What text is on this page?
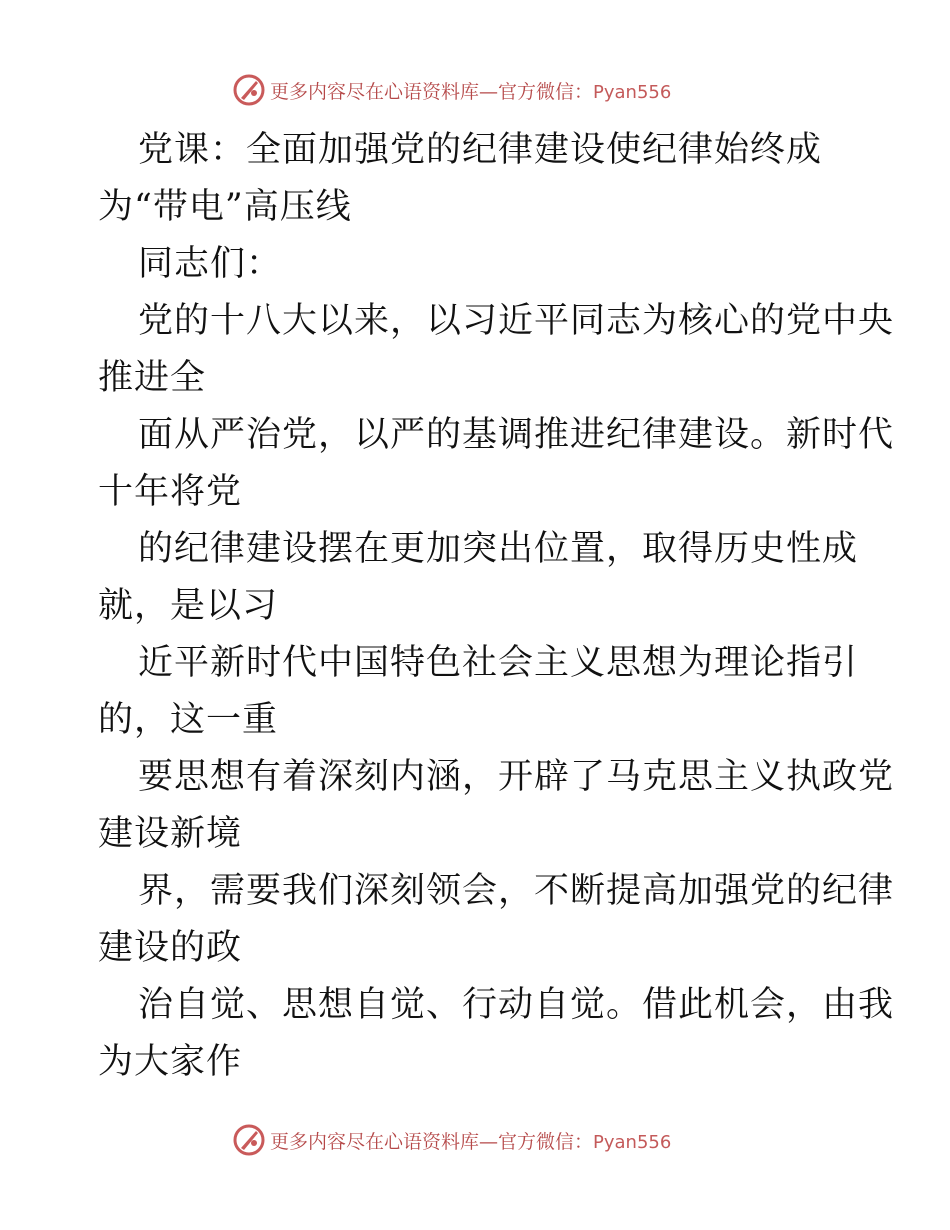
更多内容尽在心语资料库—官方微信：Pyan556
党课：全面加强党的纪律建设使纪律始终成
为“带电”高压线
同志们：
党的十八大以来，以习近平同志为核心的党中央
推进全
面从严治党，以严的基调推进纪律建设。新时代
十年将党
的纪律建设摆在更加突出位置，取得历史性成
就，是以习
近平新时代中国特色社会主义思想为理论指引
的，这一重
要思想有着深刻内涵，开辟了马克思主义执政党
建设新境
界，需要我们深刻领会，不断提高加强党的纪律
建设的政
治自觉、思想自觉、行动自觉。借此机会，由我
为大家作
更多内容尽在心语资料库—官方微信：Pyan556
